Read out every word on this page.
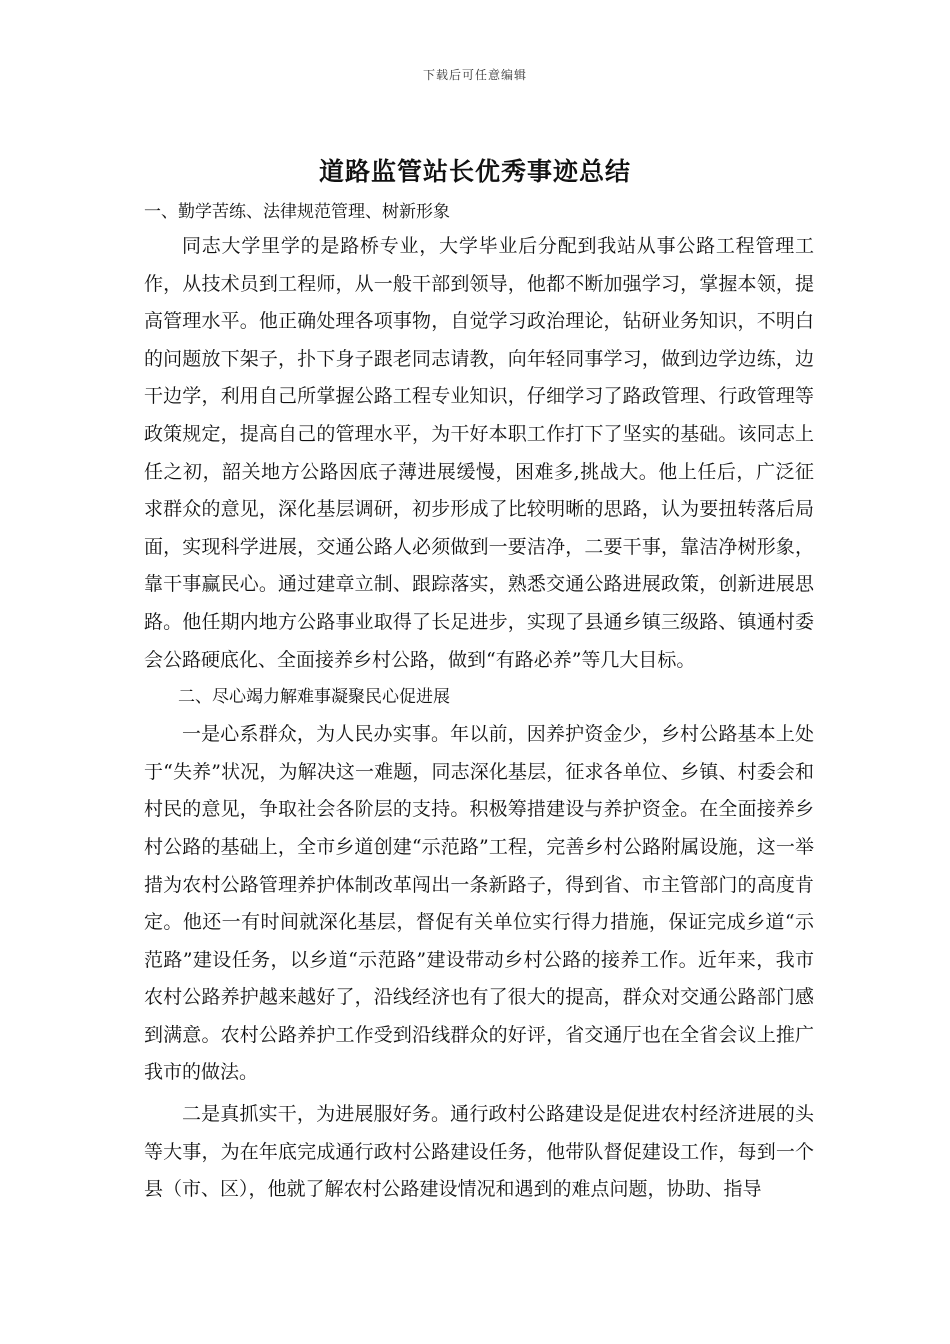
下载后可任意编辑
道路监管站长优秀事迹总结

一、勤学苦练、法律规范管理、树新形象

同志大学里学的是路桥专业，大学毕业后分配到我站从事公路工程管理工作，从技术员到工程师，从一般干部到领导，他都不断加强学习，掌握本领，提高管理水平。他正确处理各项事物，自觉学习政治理论，钻研业务知识，不明白的问题放下架子，扑下身子跟老同志请教，向年轻同事学习，做到边学边练，边干边学，利用自己所掌握公路工程专业知识，仔细学习了路政管理、行政管理等政策规定，提高自己的管理水平，为干好本职工作打下了坚实的基础。该同志上任之初，韶关地方公路因底子薄进展缓慢，困难多,挑战大。他上任后，广泛征求群众的意见，深化基层调研，初步形成了比较明晰的思路，认为要扭转落后局面，实现科学进展，交通公路人必须做到一要洁净，二要干事，靠洁净树形象，靠干事赢民心。通过建章立制、跟踪落实，熟悉交通公路进展政策，创新进展思路。他任期内地方公路事业取得了长足进步，实现了县通乡镇三级路、镇通村委会公路硬底化、全面接养乡村公路，做到“有路必养”等几大目标。

二、尽心竭力解难事凝聚民心促进展

一是心系群众，为人民办实事。年以前，因养护资金少，乡村公路基本上处于“失养”状况，为解决这一难题，同志深化基层，征求各单位、乡镇、村委会和村民的意见，争取社会各阶层的支持。积极筹措建设与养护资金。在全面接养乡村公路的基础上，全市乡道创建“示范路”工程，完善乡村公路附属设施，这一举措为农村公路管理养护体制改革闯出一条新路子，得到省、市主管部门的高度肯定。他还一有时间就深化基层，督促有关单位实行得力措施，保证完成乡道“示范路”建设任务，以乡道“示范路”建设带动乡村公路的接养工作。近年来，我市农村公路养护越来越好了，沿线经济也有了很大的提高，群众对交通公路部门感到满意。农村公路养护工作受到沿线群众的好评，省交通厅也在全省会议上推广我市的做法。

二是真抓实干，为进展服好务。通行政村公路建设是促进农村经济进展的头等大事，为在年底完成通行政村公路建设任务，他带队督促建设工作，每到一个县（市、区），他就了解农村公路建设情况和遇到的难点问题，协助、指导
